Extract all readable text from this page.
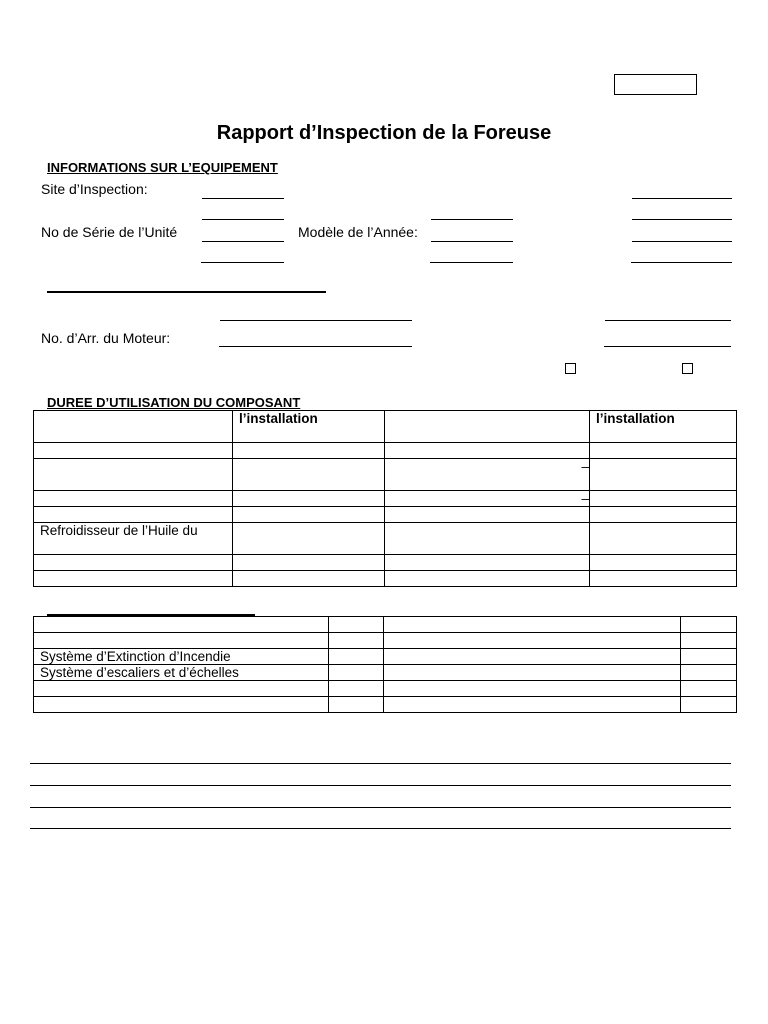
Rapport d’Inspection de la Foreuse
INFORMATIONS SUR L’EQUIPEMENT
Site d’Inspection:
No de Série de l’Unité	Modèle de l’Année:
No. d’Arr. du Moteur:
DUREE D’UTILISATION DU COMPOSANT
	l’installation		l’installation

		–	
		–	

Refroidisseur de l’Huile du			

Système d’Extinction d’Incendie			
Système d’escaliers et d’échelles			
